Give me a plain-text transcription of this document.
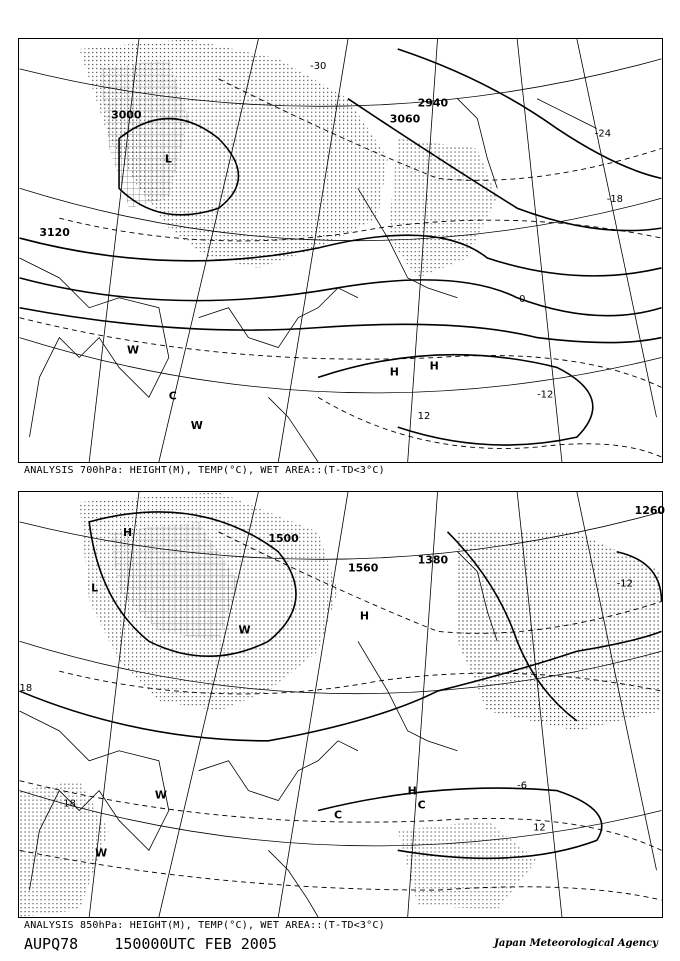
3000
3120
2940
3060
-30
-24
-18
-12
0
12
H	H
L
W
C
W
ANALYSIS 700hPa: HEIGHT(M), TEMP(°C), WET AREA::(T-TD<3°C)
1500
1560
1380
1260
18
18
12
-6
-12
H
L
H
W
H
C
W
W
C
ANALYSIS 850hPa: HEIGHT(M), TEMP(°C), WET AREA::(T-TD<3°C)
AUPQ78 150000UTC FEB 2005	Japan Meteorological Agency
